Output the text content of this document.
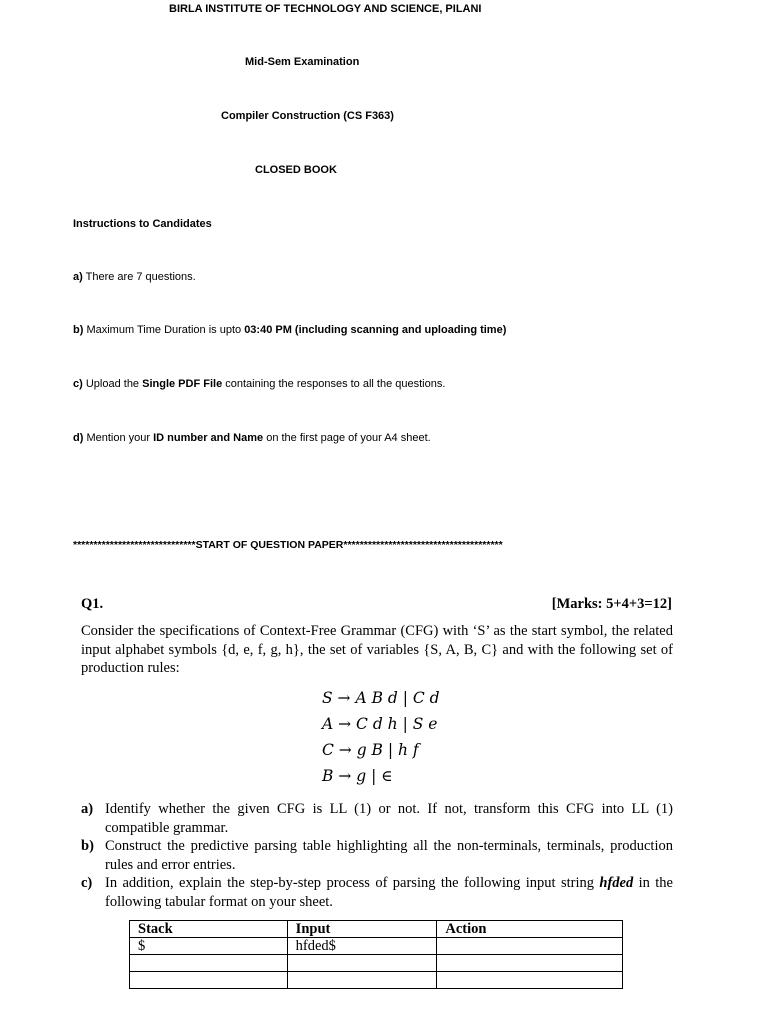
BIRLA INSTITUTE OF TECHNOLOGY AND SCIENCE, PILANI
Mid-Sem Examination
Compiler Construction (CS F363)
CLOSED BOOK
Instructions to Candidates
a) There are 7 questions.
b) Maximum Time Duration is upto 03:40 PM (including scanning and uploading time)
c) Upload the Single PDF File containing the responses to all the questions.
d) Mention your ID number and Name on the first page of your A4 sheet.
******************************START OF QUESTION PAPER***************************************
Q1.	[Marks: 5+4+3=12]
Consider the specifications of Context-Free Grammar (CFG) with ‘S’ as the start symbol, the related input alphabet symbols {d, e, f, g, h}, the set of variables {S, A, B, C} and with the following set of production rules:
S → A B d | C d
A → C d h | S e
C → g B | h f
B → g | ∈
a) Identify whether the given CFG is LL (1) or not. If not, transform this CFG into LL (1) compatible grammar.
b) Construct the predictive parsing table highlighting all the non-terminals, terminals, production rules and error entries.
c) In addition, explain the step-by-step process of parsing the following input string hfded in the following tabular format on your sheet.
Stack	Input	Action
$	hfded$	
